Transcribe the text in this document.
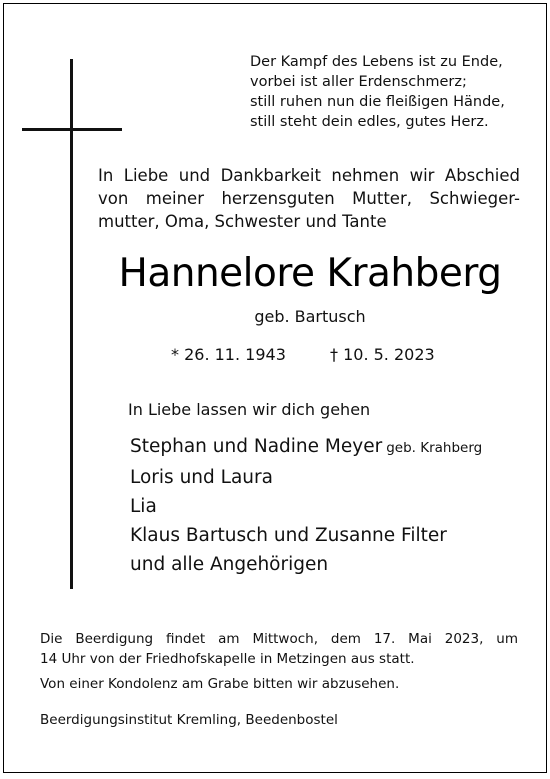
Der Kampf des Lebens ist zu Ende,
vorbei ist aller Erdenschmerz;
still ruhen nun die fleißigen Hände,
still steht dein edles, gutes Herz.
In Liebe und Dankbarkeit nehmen wir Abschied
von meiner herzensguten Mutter, Schwieger-
mutter, Oma, Schwester und Tante
Hannelore Krahberg
geb. Bartusch
* 26. 11. 1943	† 10. 5. 2023
In Liebe lassen wir dich gehen
Stephan und Nadine Meyer geb. Krahberg
Loris und Laura
Lia
Klaus Bartusch und Zusanne Filter
und alle Angehörigen
Die Beerdigung findet am Mittwoch, dem 17. Mai 2023, um
14 Uhr von der Friedhofskapelle in Metzingen aus statt.
Von einer Kondolenz am Grabe bitten wir abzusehen.
Beerdigungsinstitut Kremling, Beedenbostel
